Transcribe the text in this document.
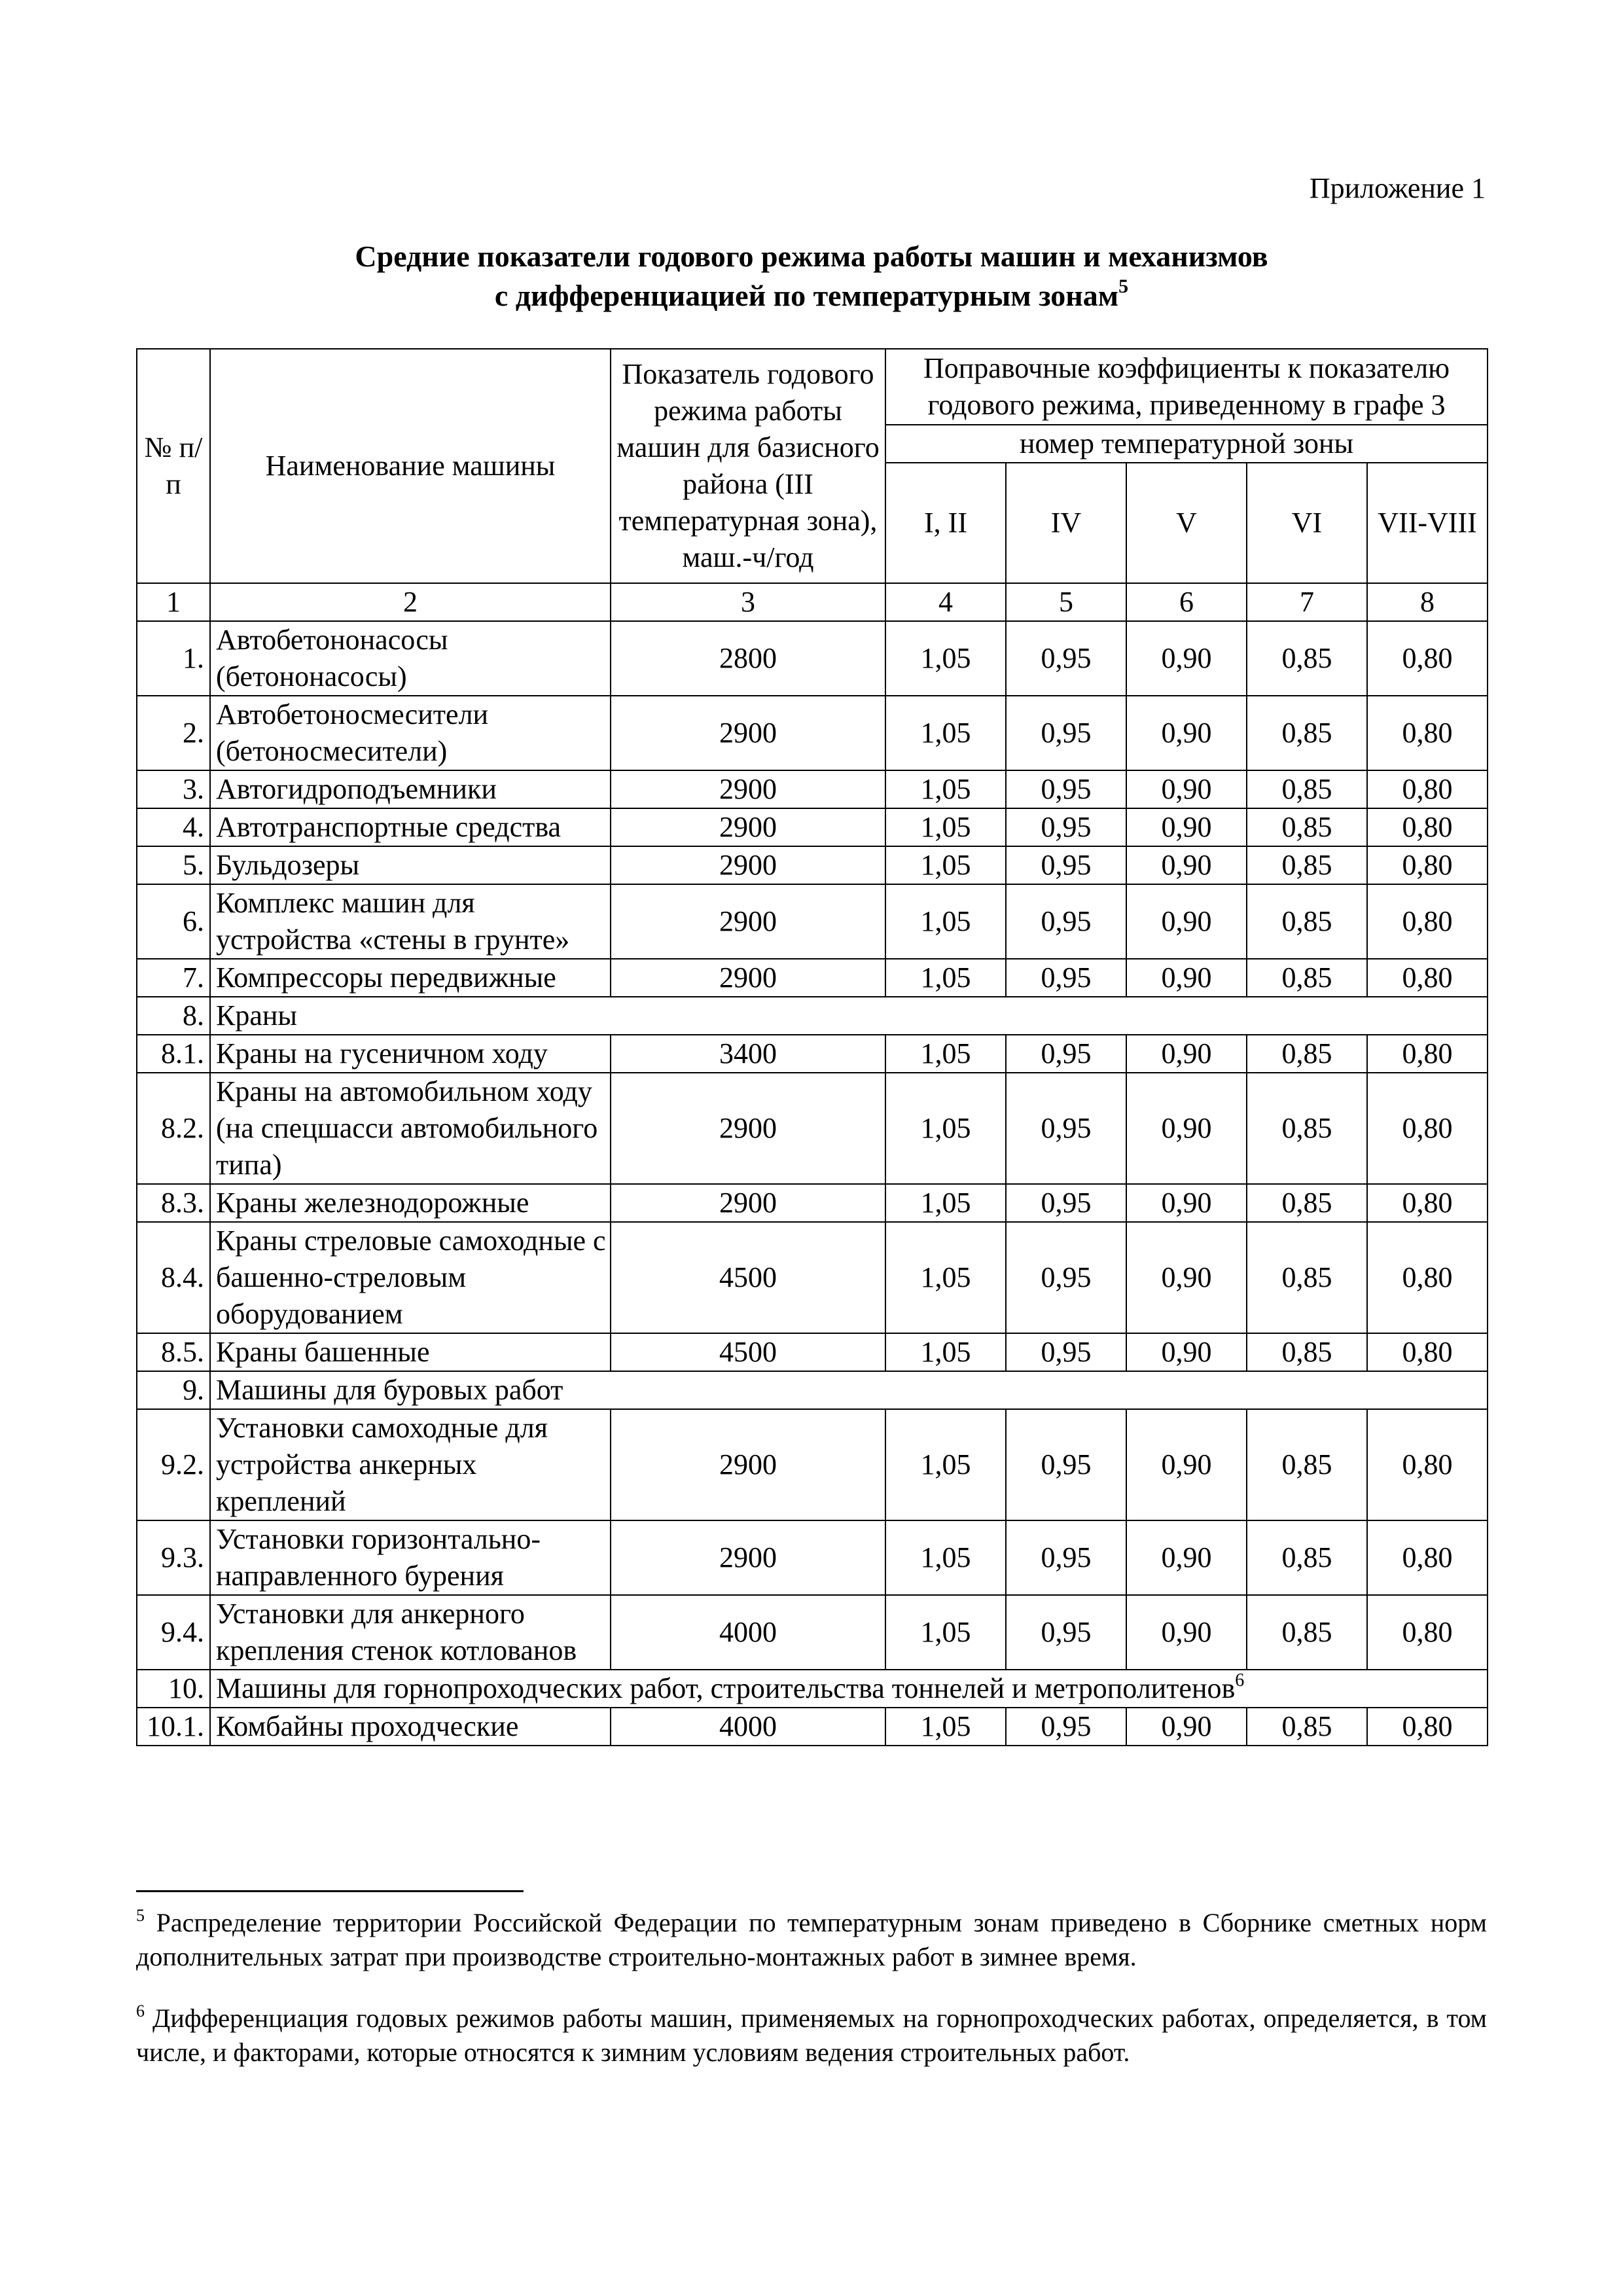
Приложение 1
Средние показатели годового режима работы машин и механизмов
с дифференциацией по температурным зонам$^5$
№ п/п	Наименование машины	Показатель годового режима работы машин для базисного района (III температурная зона), маш.-ч/год	Поправочные коэффициенты к показателю годового режима, приведенному в графе 3				
			номер температурной зоны				
			I, II	IV	V	VI	VII-VIII
1	2	3	4	5	6	7	8
1.	Автобетононасосы (бетононасосы)	2800	1,05	0,95	0,90	0,85	0,80
2.	Автобетоносмесители (бетоносмесители)	2900	1,05	0,95	0,90	0,85	0,80
3.	Автогидроподъемники	2900	1,05	0,95	0,90	0,85	0,80
4.	Автотранспортные средства	2900	1,05	0,95	0,90	0,85	0,80
5.	Бульдозеры	2900	1,05	0,95	0,90	0,85	0,80
6.	Комплекс машин для устройства «стены в грунте»	2900	1,05	0,95	0,90	0,85	0,80
7.	Компрессоры передвижные	2900	1,05	0,95	0,90	0,85	0,80
8.	Краны						
8.1.	Краны на гусеничном ходу	3400	1,05	0,95	0,90	0,85	0,80
8.2.	Краны на автомобильном ходу (на спецшасси автомобильного типа)	2900	1,05	0,95	0,90	0,85	0,80
8.3.	Краны железнодорожные	2900	1,05	0,95	0,90	0,85	0,80
8.4.	Краны стреловые самоходные с башенно-стреловым оборудованием	4500	1,05	0,95	0,90	0,85	0,80
8.5.	Краны башенные	4500	1,05	0,95	0,90	0,85	0,80
9.	Машины для буровых работ						
9.2.	Установки самоходные для устройства анкерных креплений	2900	1,05	0,95	0,90	0,85	0,80
9.3.	Установки горизонтально-направленного бурения	2900	1,05	0,95	0,90	0,85	0,80
9.4.	Установки для анкерного крепления стенок котлованов	4000	1,05	0,95	0,90	0,85	0,80
10.	Машины для горнопроходческих работ, строительства тоннелей и метрополитенов$^6$
10.1.	Комбайны проходческие	4000	1,05	0,95	0,90	0,85	0,80
$^5$ Распределение территории Российской Федерации по температурным зонам приведено в Сборнике сметных норм дополнительных затрат при производстве строительно-монтажных работ в зимнее время.
$^6$ Дифференциация годовых режимов работы машин, применяемых на горнопроходческих работах, определяется, в том числе, и факторами, которые относятся к зимним условиям ведения строительных работ.
